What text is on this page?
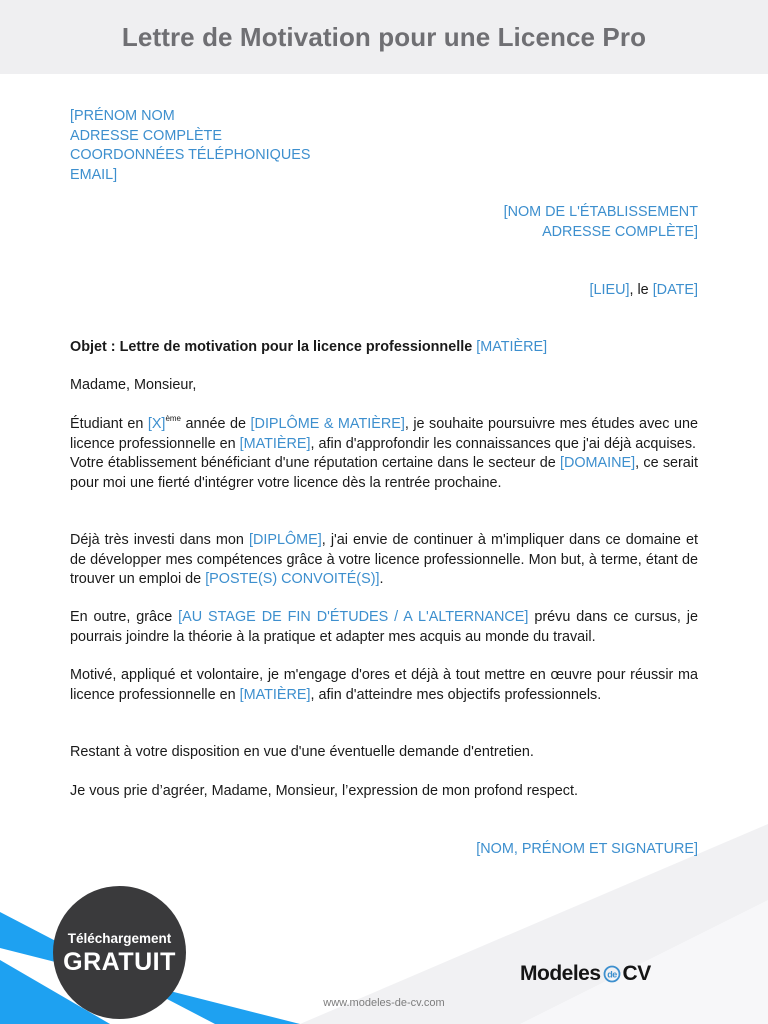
Lettre de Motivation pour une Licence Pro
[PRÉNOM NOM
ADRESSE COMPLÈTE
COORDONNÉES TÉLÉPHONIQUES
EMAIL]
[NOM DE L'ÉTABLISSEMENT
ADRESSE COMPLÈTE]
[LIEU], le [DATE]
Objet : Lettre de motivation pour la licence professionnelle [MATIÈRE]
Madame, Monsieur,
Étudiant en $[X]^{ème}$ année de [DIPLÔME & MATIÈRE], je souhaite poursuivre mes études avec une licence professionnelle en [MATIÈRE], afin d'approfondir les connaissances que j'ai déjà acquises.
Votre établissement bénéficiant d'une réputation certaine dans le secteur de [DOMAINE], ce serait pour moi une fierté d'intégrer votre licence dès la rentrée prochaine.
Déjà très investi dans mon [DIPLÔME], j'ai envie de continuer à m'impliquer dans ce domaine et de développer mes compétences grâce à votre licence professionnelle. Mon but, à terme, étant de trouver un emploi de [POSTE(S) CONVOITÉ(S)].
En outre, grâce [AU STAGE DE FIN D'ÉTUDES / A L'ALTERNANCE] prévu dans ce cursus, je pourrais joindre la théorie à la pratique et adapter mes acquis au monde du travail.
Motivé, appliqué et volontaire, je m'engage d'ores et déjà à tout mettre en œuvre pour réussir ma licence professionnelle en [MATIÈRE], afin d'atteindre mes objectifs professionnels.
Restant à votre disposition en vue d'une éventuelle demande d'entretien.
Je vous prie d’agréer, Madame, Monsieur, l’expression de mon profond respect.
[NOM, PRÉNOM ET SIGNATURE]
Téléchargement
GRATUIT	Modeles de CV
www.modeles-de-cv.com
